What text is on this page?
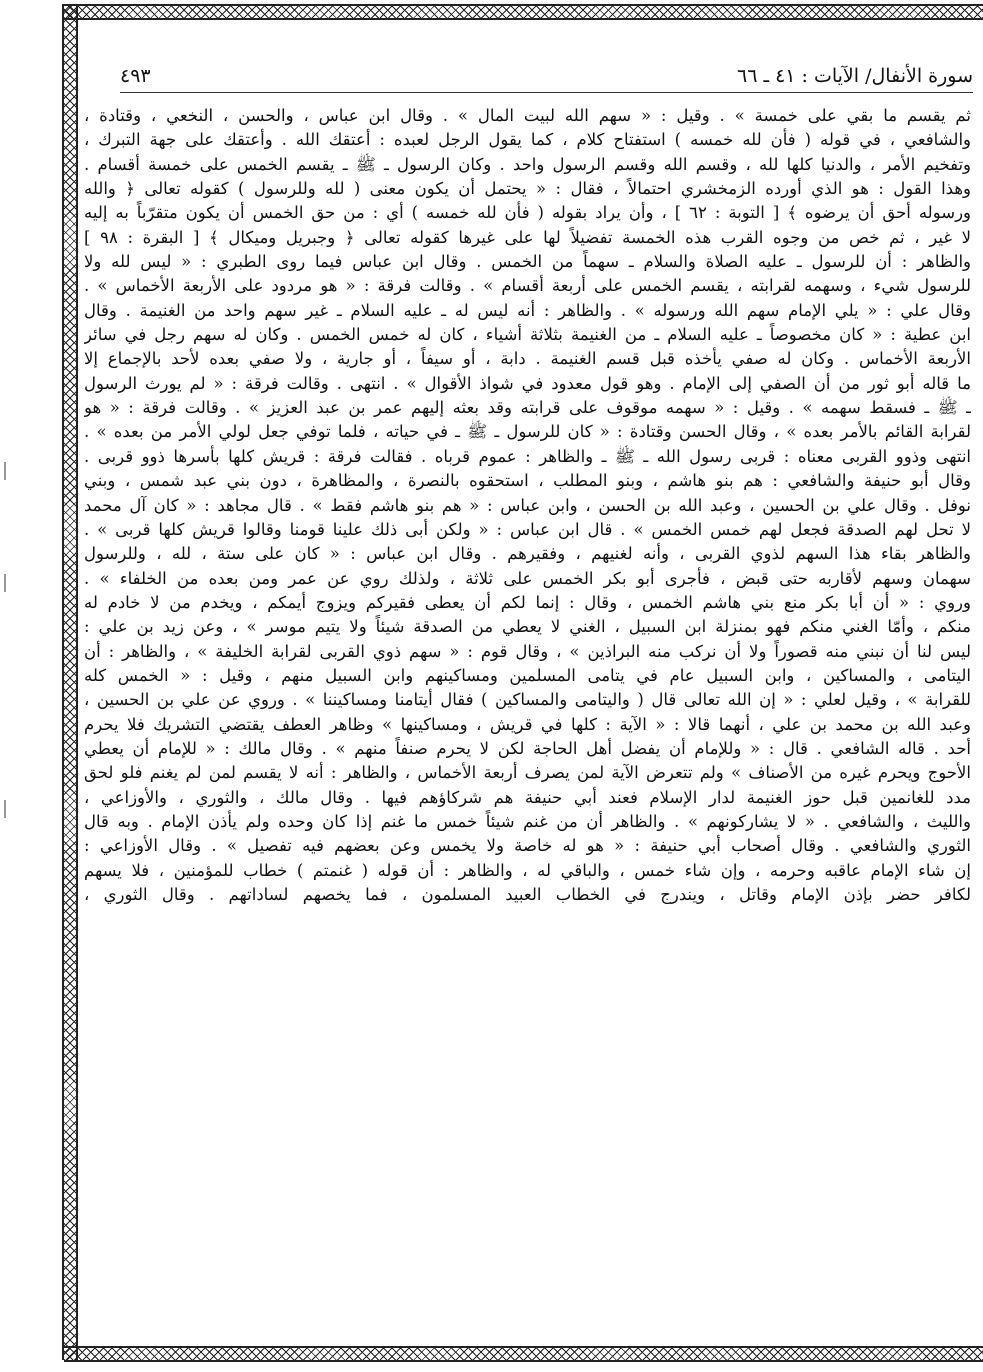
سورة الأنفال/ الآيات : ٤١ ـ ٦٦
٤٩٣

ثم يقسم ما بقي على خمسة » . وقيل : « سهم الله لبيت المال » . وقال ابن عباس ، والحسن ، النخعي ، وقتادة ،

والشافعي ، في قوله ( فأن لله خمسه ) استفتاح كلام ، كما يقول الرجل لعبده : أعتقك الله . وأعتقك على جهة التبرك ،

وتفخيم الأمر ، والدنيا كلها لله ، وقسم الله وقسم الرسول واحد . وكان الرسول ـ ﷺ ـ يقسم الخمس على خمسة أقسام .

وهذا القول : هو الذي أورده الزمخشري احتمالاً ، فقال : « يحتمل أن يكون معنى ( لله وللرسول ) كقوله تعالى ﴿ والله

ورسوله أحق أن يرضوه ﴾ [ التوبة : ٦٢ ] ، وأن يراد بقوله ( فأن لله خمسه ) أي : من حق الخمس أن يكون متقرّباً به إليه

لا غير ، ثم خص من وجوه القرب هذه الخمسة تفضيلاً لها على غيرها كقوله تعالى ﴿ وجبريل وميكال ﴾ [ البقرة : ٩٨ ]

والظاهر : أن للرسول ـ عليه الصلاة والسلام ـ سهماً من الخمس . وقال ابن عباس فيما روى الطبري : « ليس لله ولا

للرسول شيء ، وسهمه لقرابته ، يقسم الخمس على أربعة أقسام » . وقالت فرقة : « هو مردود على الأربعة الأخماس » .

وقال علي : « يلي الإمام سهم الله ورسوله » . والظاهر : أنه ليس له ـ عليه السلام ـ غير سهم واحد من الغنيمة . وقال

ابن عطية : « كان مخصوصاً ـ عليه السلام ـ من الغنيمة بثلاثة أشياء ، كان له خمس الخمس . وكان له سهم رجل في سائر

الأربعة الأخماس . وكان له صفي يأخذه قبل قسم الغنيمة . دابة ، أو سيفاً ، أو جارية ، ولا صفي بعده لأحد بالإجماع إلا

ما قاله أبو ثور من أن الصفي إلى الإمام . وهو قول معدود في شواذ الأقوال » . انتهى . وقالت فرقة : « لم يورث الرسول

ـ ﷺ ـ فسقط سهمه » . وقيل : « سهمه موقوف على قرابته وقد بعثه إليهم عمر بن عبد العزيز » . وقالت فرقة : « هو

لقرابة القائم بالأمر بعده » ، وقال الحسن وقتادة : « كان للرسول ـ ﷺ ـ في حياته ، فلما توفي جعل لولي الأمر من بعده » .

انتهى وذوو القربى معناه : قربى رسول الله ـ ﷺ ـ والظاهر : عموم قرباه . فقالت فرقة : قريش كلها بأسرها ذوو قربى .

وقال أبو حنيفة والشافعي : هم بنو هاشم ، وبنو المطلب ، استحقوه بالنصرة ، والمظاهرة ، دون بني عبد شمس ، وبني

نوفل . وقال علي بن الحسين ، وعبد الله بن الحسن ، وابن عباس : « هم بنو هاشم فقط » . قال مجاهد : « كان آل محمد

لا تحل لهم الصدقة فجعل لهم خمس الخمس » . قال ابن عباس : « ولكن أبى ذلك علينا قومنا وقالوا قريش كلها قربى » .

والظاهر بقاء هذا السهم لذوي القربى ، وأنه لغنيهم ، وفقيرهم . وقال ابن عباس : « كان على ستة ، لله ، وللرسول

سهمان وسهم لأقاربه حتى قبض ، فأجرى أبو بكر الخمس على ثلاثة ، ولذلك روي عن عمر ومن بعده من الخلفاء » .

وروي : « أن أبا بكر منع بني هاشم الخمس ، وقال : إنما لكم أن يعطى فقيركم ويزوج أيمكم ، ويخدم من لا خادم له

منكم ، وأمّا الغني منكم فهو بمنزلة ابن السبيل ، الغني لا يعطي من الصدقة شيئاً ولا يتيم موسر » ، وعن زيد بن علي :

ليس لنا أن نبني منه قصوراً ولا أن نركب منه البراذين » ، وقال قوم : « سهم ذوي القربى لقرابة الخليفة » ، والظاهر : أن

اليتامى ، والمساكين ، وابن السبيل عام في يتامى المسلمين ومساكينهم وابن السبيل منهم ، وقيل : « الخمس كله

للقرابة » ، وقيل لعلي : « إن الله تعالى قال ( واليتامى والمساكين ) فقال أيتامنا ومساكيننا » . وروي عن علي بن الحسين ،

وعبد الله بن محمد بن علي ، أنهما قالا : « الآية : كلها في قريش ، ومساكينها » وظاهر العطف يقتضي التشريك فلا يحرم

أحد . قاله الشافعي . قال : « وللإمام أن يفضل أهل الحاجة لكن لا يحرم صنفاً منهم » . وقال مالك : « للإمام أن يعطي

الأحوج ويحرم غيره من الأصناف » ولم تتعرض الآية لمن يصرف أربعة الأخماس ، والظاهر : أنه لا يقسم لمن لم يغنم فلو لحق

مدد للغانمين قبل حوز الغنيمة لدار الإسلام فعند أبي حنيفة هم شركاؤهم فيها . وقال مالك ، والثوري ، والأوزاعي ،

والليث ، والشافعي . « لا يشاركونهم » . والظاهر أن من غنم شيئاً خمس ما غنم إذا كان وحده ولم يأذن الإمام . وبه قال

الثوري والشافعي . وقال أصحاب أبي حنيفة : « هو له خاصة ولا يخمس وعن بعضهم فيه تفصيل » . وقال الأوزاعي :

إن شاء الإمام عاقبه وحرمه ، وإن شاء خمس ، والباقي له ، والظاهر : أن قوله ( غنمتم ) خطاب للمؤمنين ، فلا يسهم

لكافر حضر بإذن الإمام وقاتل ، ويندرج في الخطاب العبيد المسلمون ، فما يخصهم لساداتهم . وقال الثوري ،
